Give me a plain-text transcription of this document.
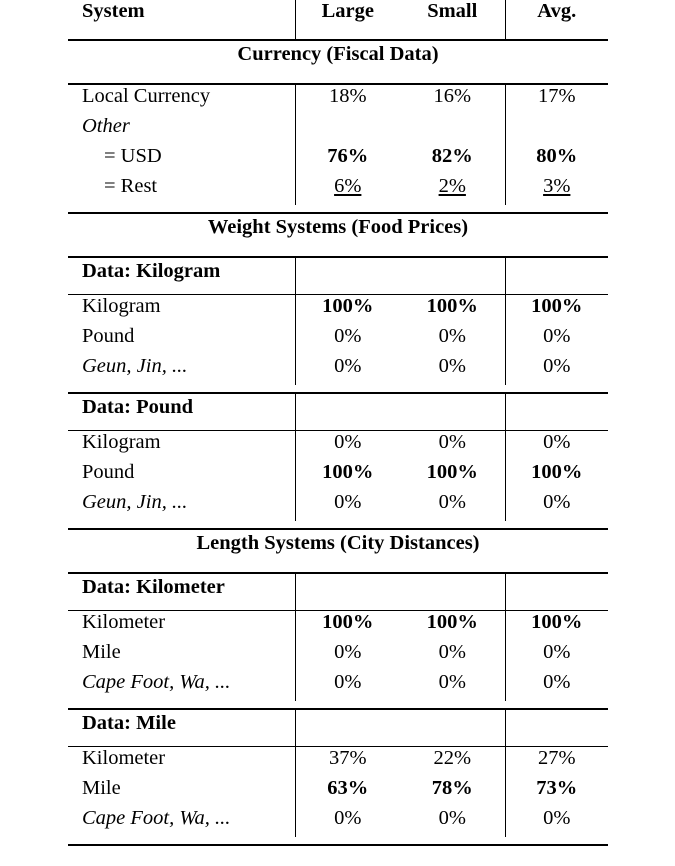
System	Large	Small	Avg.

Currency (Fiscal Data)			

Local Currency	18%	16%	17%
Other			
= USD	76%	82%	80%
= Rest	6%	2%	3%

Weight Systems (Food Prices)			

Data: Kilogram			

Kilogram	100%	100%	100%
Pound	0%	0%	0%
Geun, Jin, ...	0%	0%	0%

Data: Pound			

Kilogram	0%	0%	0%
Pound	100%	100%	100%
Geun, Jin, ...	0%	0%	0%

Length Systems (City Distances)			

Data: Kilometer			

Kilometer	100%	100%	100%
Mile	0%	0%	0%
Cape Foot, Wa, ...	0%	0%	0%

Data: Mile			

Kilometer	37%	22%	27%
Mile	63%	78%	73%
Cape Foot, Wa, ...	0%	0%	0%
